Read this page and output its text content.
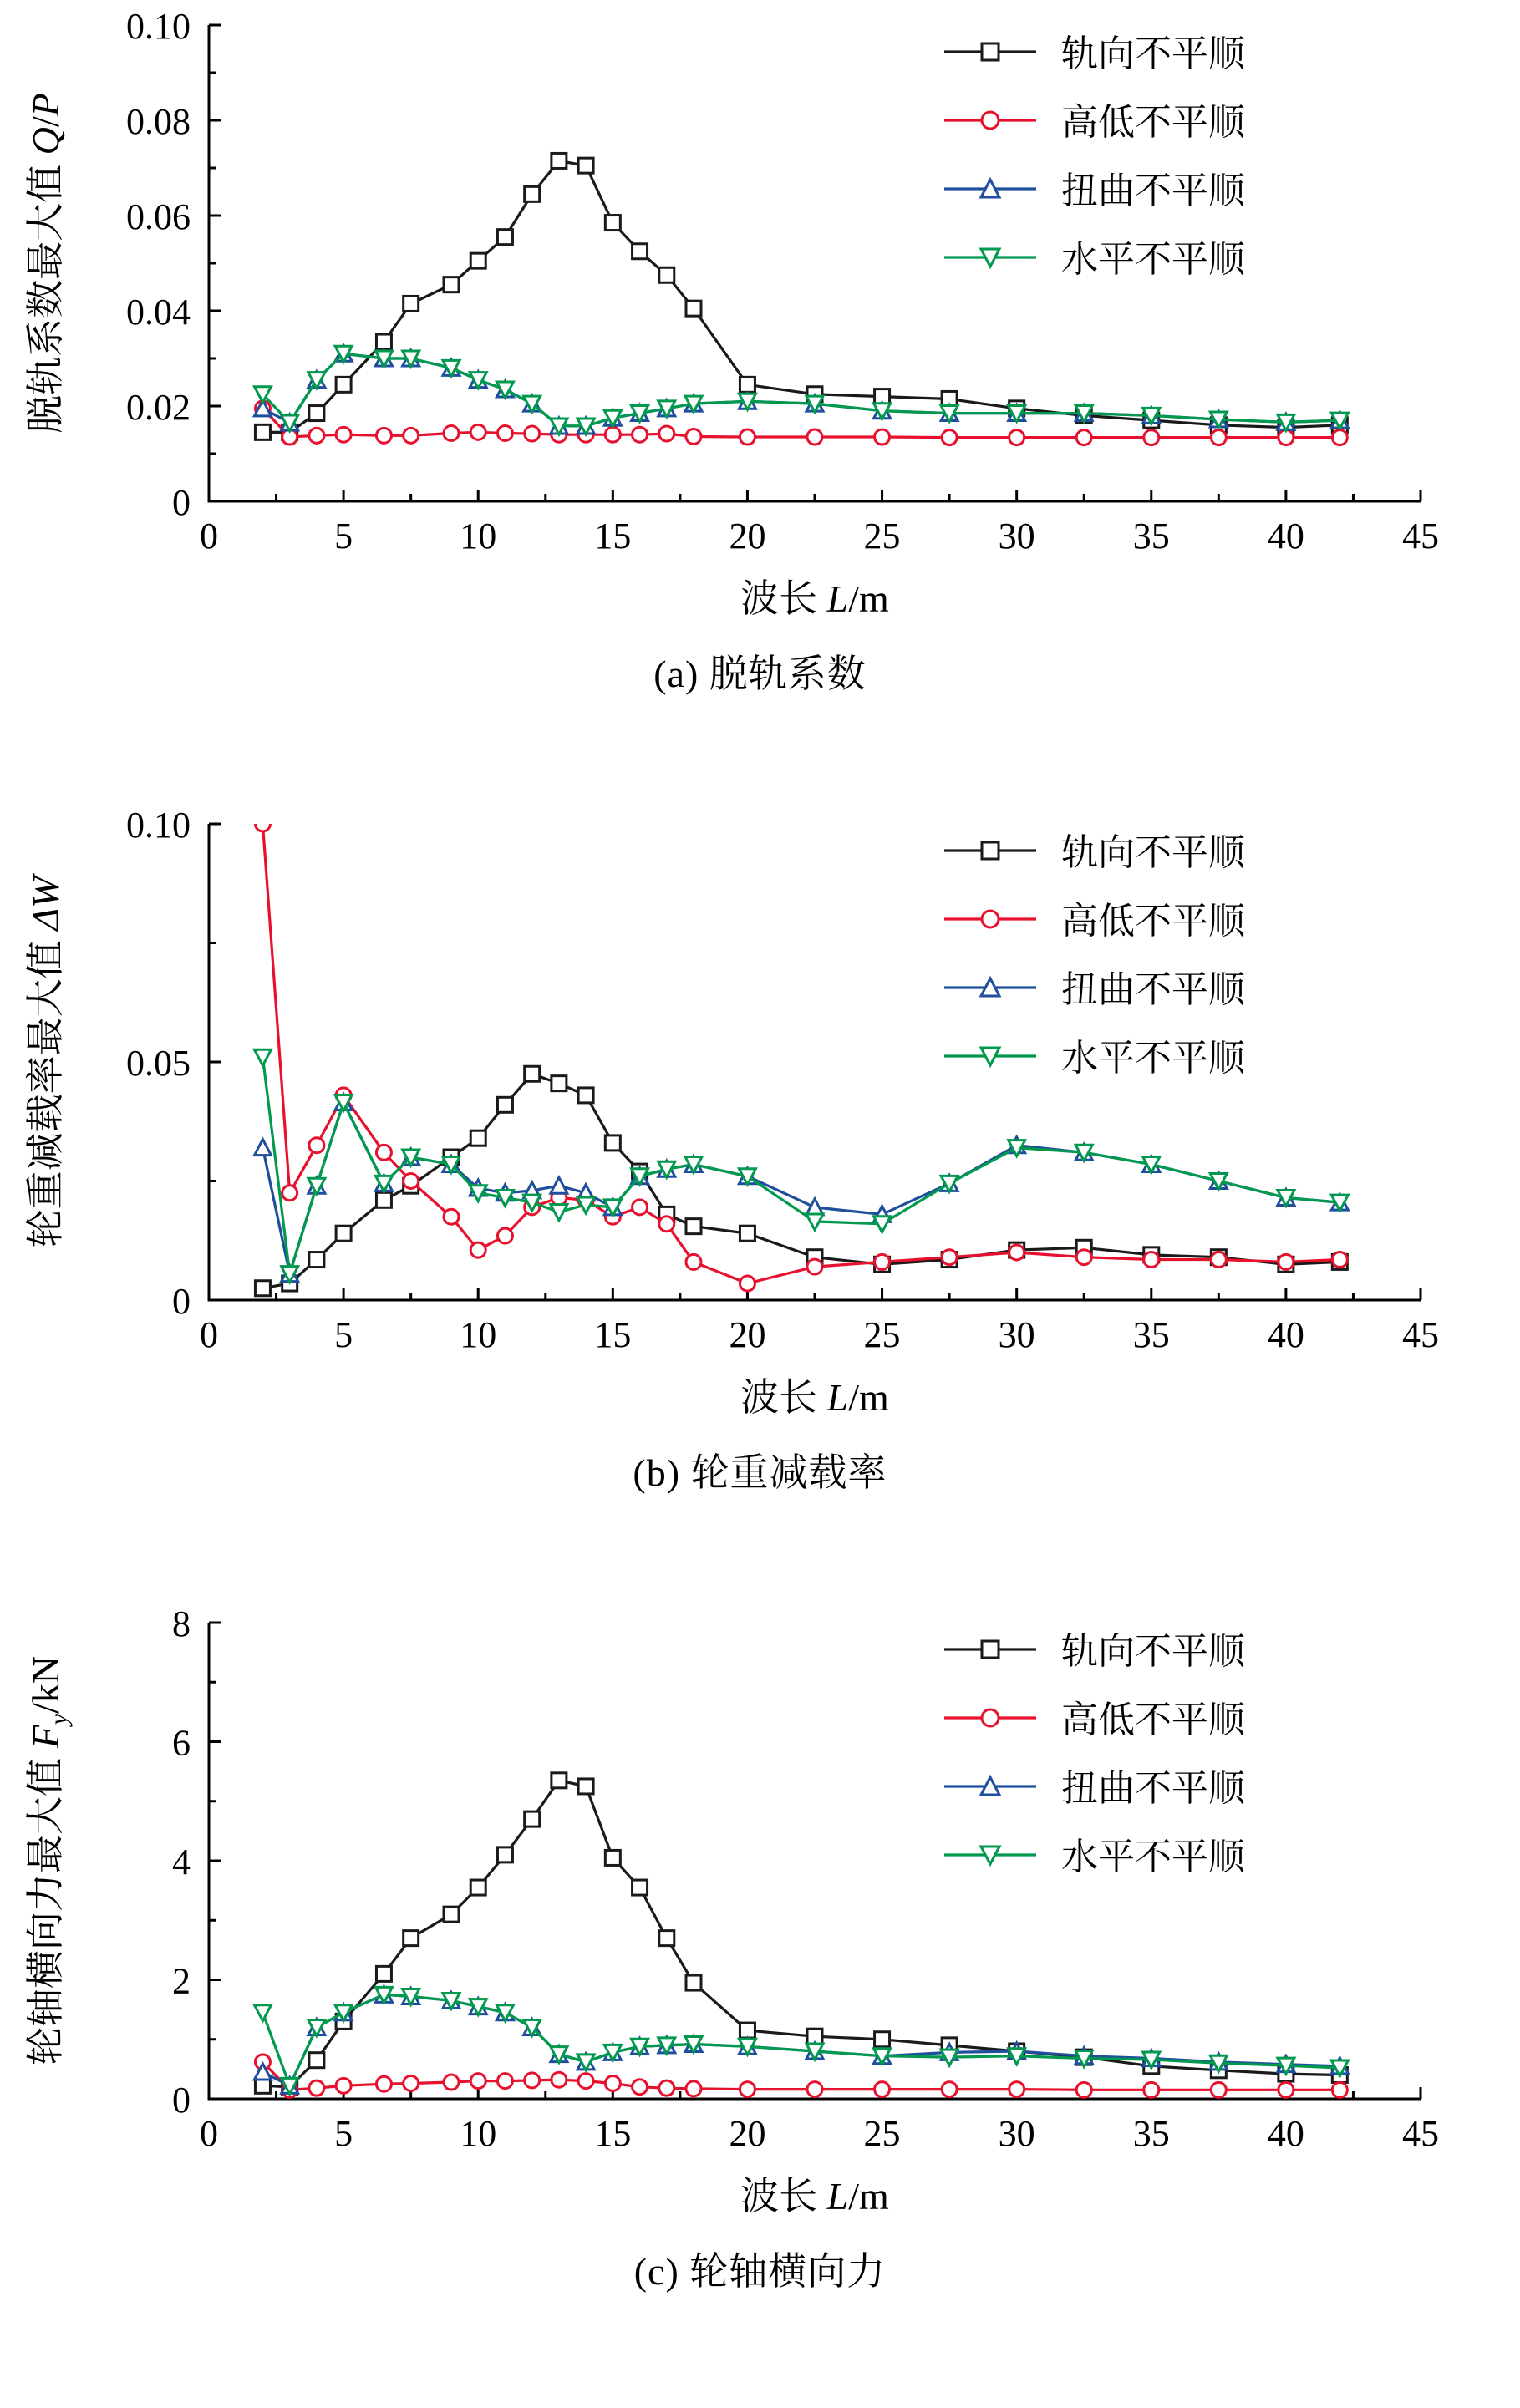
0	5	10	15	20	25	30	35	40	45
0
0.02
0.04
0.06
0.08
0.10
波长 L/m
脱轨系数最大值 Q/P
轨向不平顺
高低不平顺
扭曲不平顺
水平不平顺
(a) 脱轨系数
0	5	10	15	20	25	30	35	40	45
0
0.05
0.10
波长 L/m
轮重减载率最大值 ΔW
轨向不平顺
高低不平顺
扭曲不平顺
水平不平顺
(b) 轮重减载率
0	5	10	15	20	25	30	35	40	45
0
2
4
6
8
波长 L/m
轮轴横向力最大值 $F_y/kN$
轨向不平顺
高低不平顺
扭曲不平顺
水平不平顺
(c) 轮轴横向力
